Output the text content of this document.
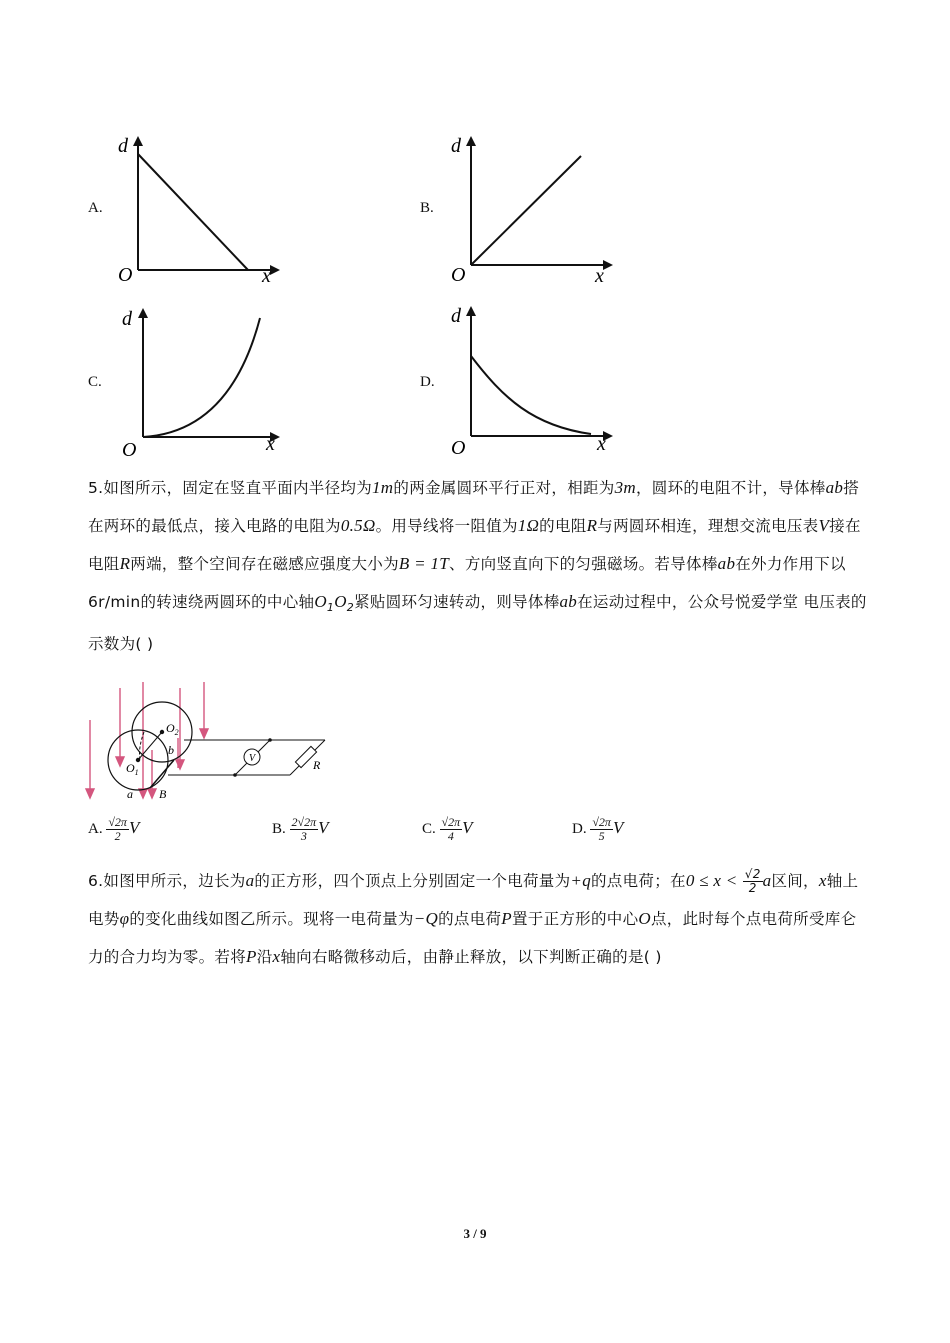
A.
d
O	x
B.
d
O	x
C.
d
O	x
D.
d
O	x

5.如图所示，固定在竖直平面内半径均为1m的两金属圆环平行正对，相距为3m，圆环的电阻不计，导体棒ab搭在两环的最低点，接入电路的电阻为0.5Ω。用导线将一阻值为1Ω的电阻R与两圆环相连，理想交流电压表V接在电阻R两端，整个空间存在磁感应强度大小为B = 1T、方向竖直向下的匀强磁场。若导体棒ab在外力作用下以6r/min的转速绕两圆环的中心轴$O_1O_2$紧贴圆环匀速转动，则导体棒ab在运动过程中，公众号悦爱学堂 电压表的示数为( )

V
$O_2$
$O_1$
b
a B
R
A. $\frac{√2\pi}{2}$ V	B. $\frac{2√2\pi}{3}$ V	C. $\frac{√2\pi}{4}$ V	D. $\frac{√2\pi}{5}$ V

6.如图甲所示，边长为a的正方形，四个顶点上分别固定一个电荷量为+q的点电荷；在$0 \le x < \frac{√2}{2}$ a区间，x轴上电势φ的变化曲线如图乙所示。现将一电荷量为−Q的点电荷P置于正方形的中心O点，此时每个点电荷所受库仑力的合力均为零。若将P沿x轴向右略微移动后，由静止释放，以下判断正确的是( )

3 / 9
